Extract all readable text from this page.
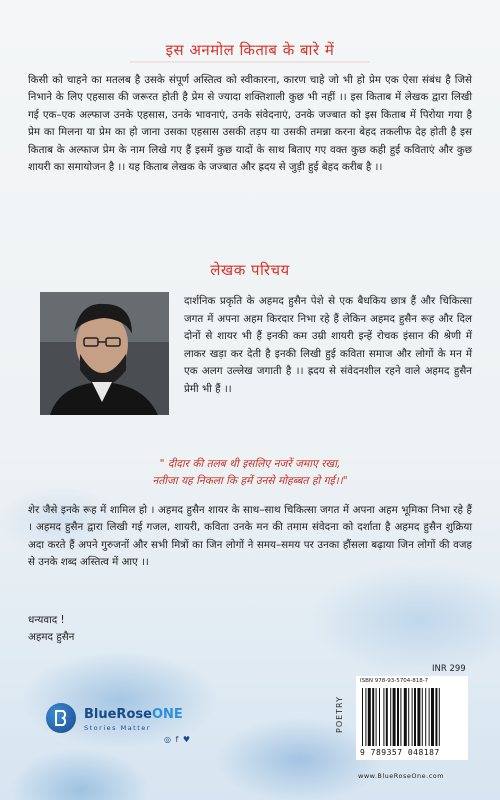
इस अनमोल किताब के बारे में

किसी को चाहने का मतलब है उसके संपूर्ण अस्तित्व को स्वीकारना, कारण चाहे जो भी हो प्रेम एक ऐसा संबंध है जिसे निभाने के लिए एहसास की जरूरत होती है प्रेम से ज्यादा शक्तिशाली कुछ भी नहीं ।। इस किताब में लेखक द्वारा लिखी गई एक–एक अल्फाज उनके एहसास, उनके भावनाएं, उनके संवेदनाएं, उनके जज्बात को इस किताब में पिरोया गया है प्रेम का मिलना या प्रेम का हो जाना उसका एहसास उसकी तड़प या उसकी तमन्ना करना बेहद तकलीफ देह होती है इस किताब के अल्फाज प्रेम के नाम लिखे गए हैं इसमें कुछ यादों के साथ बिताए गए वक्त कुछ कही हुई कविताएं और कुछ शायरी का समायोजन है ।। यह किताब लेखक के जज्बात और ह्रदय से जुड़ी हुई बेहद करीब है ।।

लेखक परिचय

दार्शनिक प्रकृति के अहमद हुसैन पेशे से एक बैधकिय छात्र हैं और चिकित्सा जगत में अपना अहम किरदार निभा रहे हैं लेकिन अहमद हुसैन रूह और दिल दोनों से शायर भी हैं इनकी कम उम्री शायरी इन्हें रोचक इंसान की श्रेणी में लाकर खड़ा कर देती है इनकी लिखी हुई कविता समाज और लोगों के मन में एक अलग उल्लेख जगाती है ।। ह्रदय से संवेदनशील रहने वाले अहमद हुसैन प्रेमी भी हैं ।।

" दीदार की तलब थी इसलिए नजरें जमाए रखा,
नतीजा यह निकला कि हमें उनसे मोहब्बत हो गई।।"

शेर जैसे इनके रूह में शामिल हो । अहमद हुसैन शायर के साथ–साथ चिकित्सा जगत में अपना अहम भूमिका निभा रहे हैं । अहमद हुसैन द्वारा लिखी गई गजल, शायरी, कविता उनके मन की तमाम संवेदना को दर्शाता है अहमद हुसैन शुक्रिया अदा करते हैं अपने गुरुजनों और सभी मित्रों का जिन लोगों ने समय–समय पर उनका हौंसला बढ़ाया जिन लोगों की वजह से उनके शब्द अस्तित्व में आए ।।

धन्यवाद !

अहमद हुसैन

BlueRoseONE
Stories Matter
◎ f ♥
INR 299
POETRY
ISBN 978-93-5704-818-7
9 789357 048187
www.BlueRoseOne.com
